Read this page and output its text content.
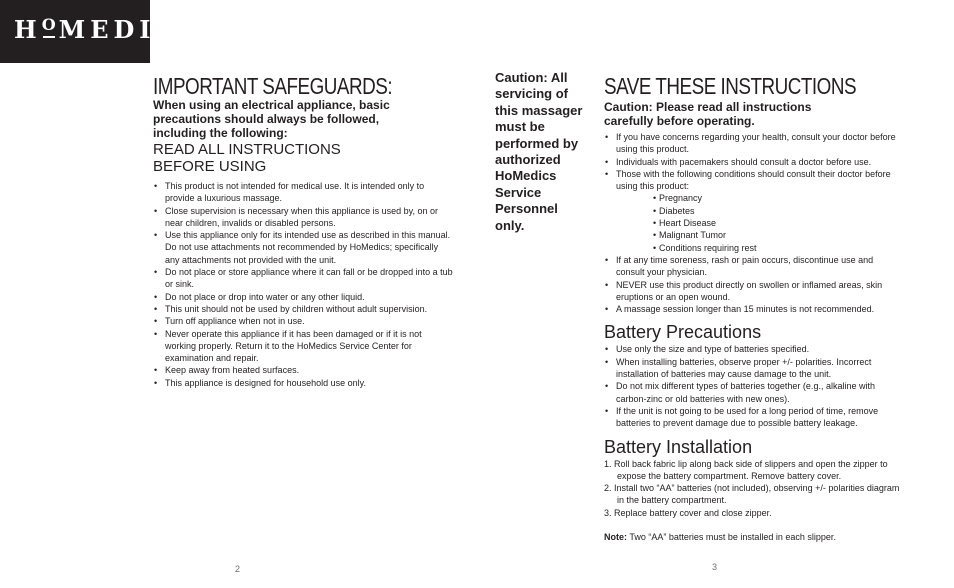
$H^OMEDICS$
IMPORTANT SAFEGUARDS:

When using an electrical appliance, basic precautions should always be followed, including the following:

READ ALL INSTRUCTIONS BEFORE USING

• This product is not intended for medical use. It is intended only to provide a luxurious massage.
• Close supervision is necessary when this appliance is used by, on or near children, invalids or disabled persons.
• Use this appliance only for its intended use as described in this manual. Do not use attachments not recommended by HoMedics; specifically any attachments not provided with the unit.
• Do not place or store appliance where it can fall or be dropped into a tub or sink.
• Do not place or drop into water or any other liquid.
• This unit should not be used by children without adult supervision.
• Turn off appliance when not in use.
• Never operate this appliance if it has been damaged or if it is not working properly. Return it to the HoMedics Service Center for examination and repair.
• Keep away from heated surfaces.
• This appliance is designed for household use only.

Caution: All servicing of this massager must be performed by authorized HoMedics Service Personnel only.

SAVE THESE INSTRUCTIONS

Caution: Please read all instructions carefully before operating.

• If you have concerns regarding your health, consult your doctor before using this product.
• Individuals with pacemakers should consult a doctor before use.
• Those with the following conditions should consult their doctor before using this product:
• Pregnancy
• Diabetes
• Heart Disease
• Malignant Tumor
• Conditions requiring rest
• If at any time soreness, rash or pain occurs, discontinue use and consult your physician.
• NEVER use this product directly on swollen or inflamed areas, skin eruptions or an open wound.
• A massage session longer than 15 minutes is not recommended.
Battery Precautions
• Use only the size and type of batteries specified.
• When installing batteries, observe proper +/- polarities. Incorrect installation of batteries may cause damage to the unit.
• Do not mix different types of batteries together (e.g., alkaline with carbon-zinc or old batteries with new ones).
• If the unit is not going to be used for a long period of time, remove batteries to prevent damage due to possible battery leakage.
Battery Installation
1. Roll back fabric lip along back side of slippers and open the zipper to expose the battery compartment. Remove battery cover.
2. Install two “AA” batteries (not included), observing +/- polarities diagram in the battery compartment.
3. Replace battery cover and close zipper.

Note: Two “AA” batteries must be installed in each slipper.

2	3
